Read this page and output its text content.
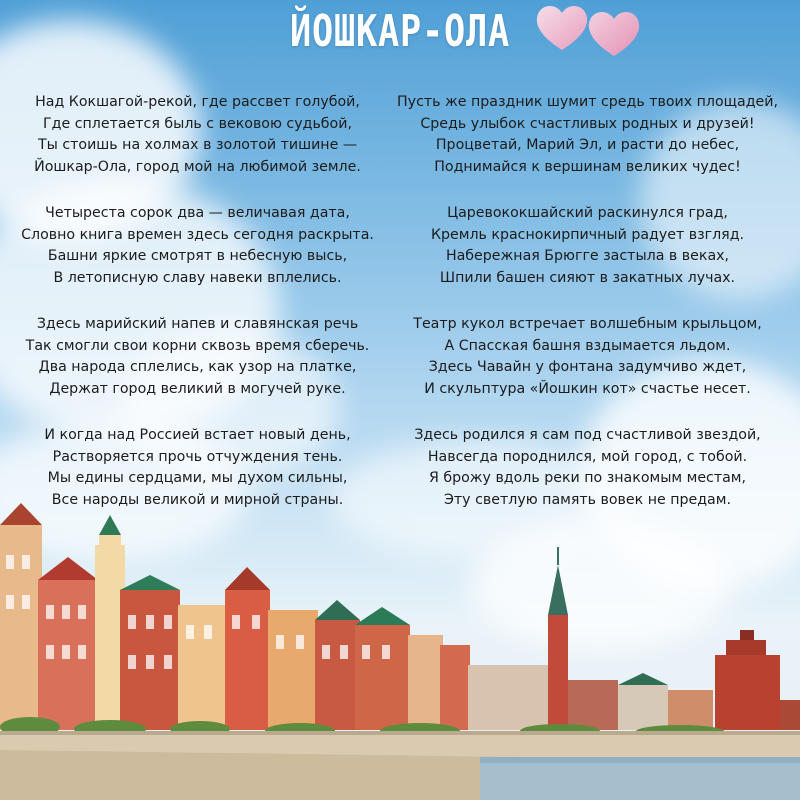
ЙОШКАР-ОЛА
Над Кокшагой-рекой, где рассвет голубой,
Где сплетается быль с вековою судьбой,
Ты стоишь на холмах в золотой тишине —
Йошкар-Ола, город мой на любимой земле.
Четыреста сорок два — величавая дата,
Словно книга времен здесь сегодня раскрыта.
Башни яркие смотрят в небесную высь,
В летописную славу навеки вплелись.
Здесь марийский напев и славянская речь
Так смогли свои корни сквозь время сберечь.
Два народа сплелись, как узор на платке,
Держат город великий в могучей руке.
И когда над Россией встает новый день,
Растворяется прочь отчуждения тень.
Мы едины сердцами, мы духом сильны,
Все народы великой и мирной страны.
Пусть же праздник шумит средь твоих площадей,
Средь улыбок счастливых родных и друзей!
Процветай, Марий Эл, и расти до небес,
Поднимайся к вершинам великих чудес!
Царевококшайский раскинулся град,
Кремль краснокирпичный радует взгляд.
Набережная Брюгге застыла в веках,
Шпили башен сияют в закатных лучах.
Театр кукол встречает волшебным крыльцом,
А Спасская башня вздымается льдом.
Здесь Чавайн у фонтана задумчиво ждет,
И скульптура «Йошкин кот» счастье несет.
Здесь родился я сам под счастливой звездой,
Навсегда породнился, мой город, с тобой.
Я брожу вдоль реки по знакомым местам,
Эту светлую память вовек не предам.
